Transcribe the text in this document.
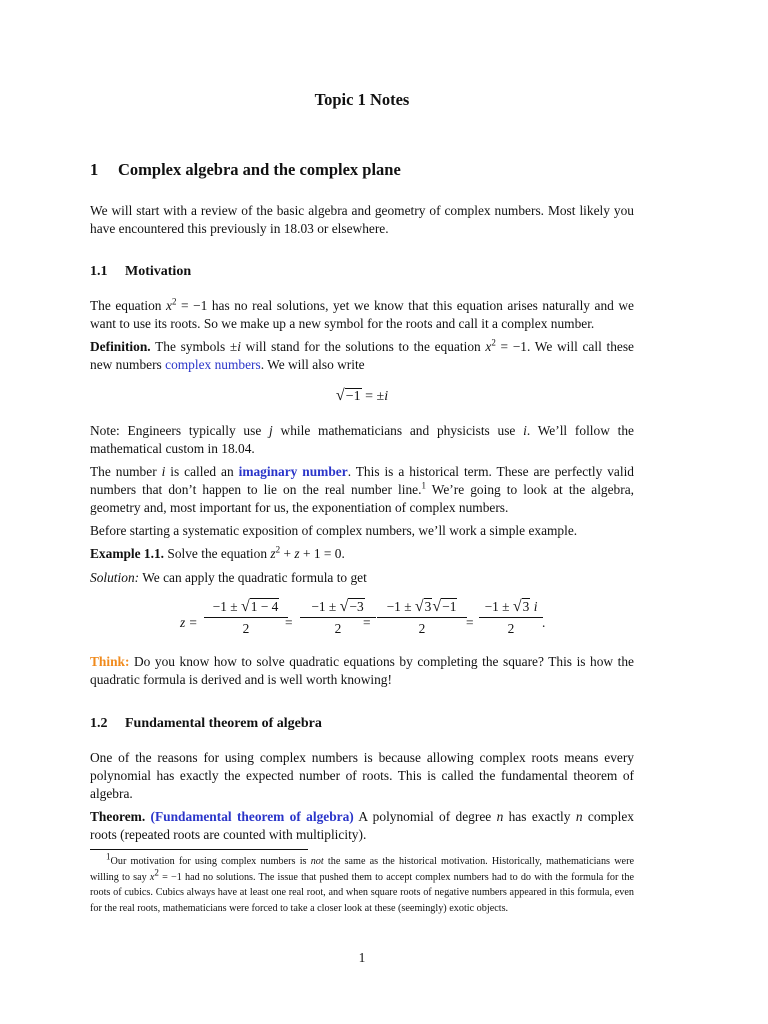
Topic 1 Notes
1 Complex algebra and the complex plane

We will start with a review of the basic algebra and geometry of complex numbers. Most likely you have encountered this previously in 18.03 or elsewhere.

1.1 Motivation

The equation $x^2 = -1$ has no real solutions, yet we know that this equation arises naturally and we want to use its roots. So we make up a new symbol for the roots and call it a complex number.

Definition. The symbols ±i will stand for the solutions to the equation $x^2 = -1$. We will call these new numbers complex numbers. We will also write

√−1 = ±i

Note: Engineers typically use j while mathematicians and physicists use i. We’ll follow the mathematical custom in 18.04.

The number i is called an imaginary number. This is a historical term. These are perfectly valid numbers that don’t happen to lie on the real number line.$^1$ We’re going to look at the algebra, geometry and, most important for us, the exponentiation of complex numbers.

Before starting a systematic exposition of complex numbers, we’ll work a simple example.

Example 1.1. Solve the equation $z^2 + z + 1 = 0$.

Solution: We can apply the quadratic formula to get

$z = \frac{-1 \pm √1 - 4}{2}$
= $\frac{-1 \pm √-3}{2}$
= $\frac{-1 \pm √3√-1}{2} = \frac{-1 \pm √3 i}{2}$ .

Think: Do you know how to solve quadratic equations by completing the square? This is how the quadratic formula is derived and is well worth knowing!

1.2 Fundamental theorem of algebra

One of the reasons for using complex numbers is because allowing complex roots means every polynomial has exactly the expected number of roots. This is called the fundamental theorem of algebra.

Theorem. (Fundamental theorem of algebra) A polynomial of degree n has exactly n complex roots (repeated roots are counted with multiplicity).

$^1$Our motivation for using complex numbers is not the same as the historical motivation. Historically, mathematicians were willing to say $x^2 = -1$ had no solutions. The issue that pushed them to accept complex numbers had to do with the formula for the roots of cubics. Cubics always have at least one real root, and when square roots of negative numbers appeared in this formula, even for the real roots, mathematicians were forced to take a closer look at these (seemingly) exotic objects.

1
